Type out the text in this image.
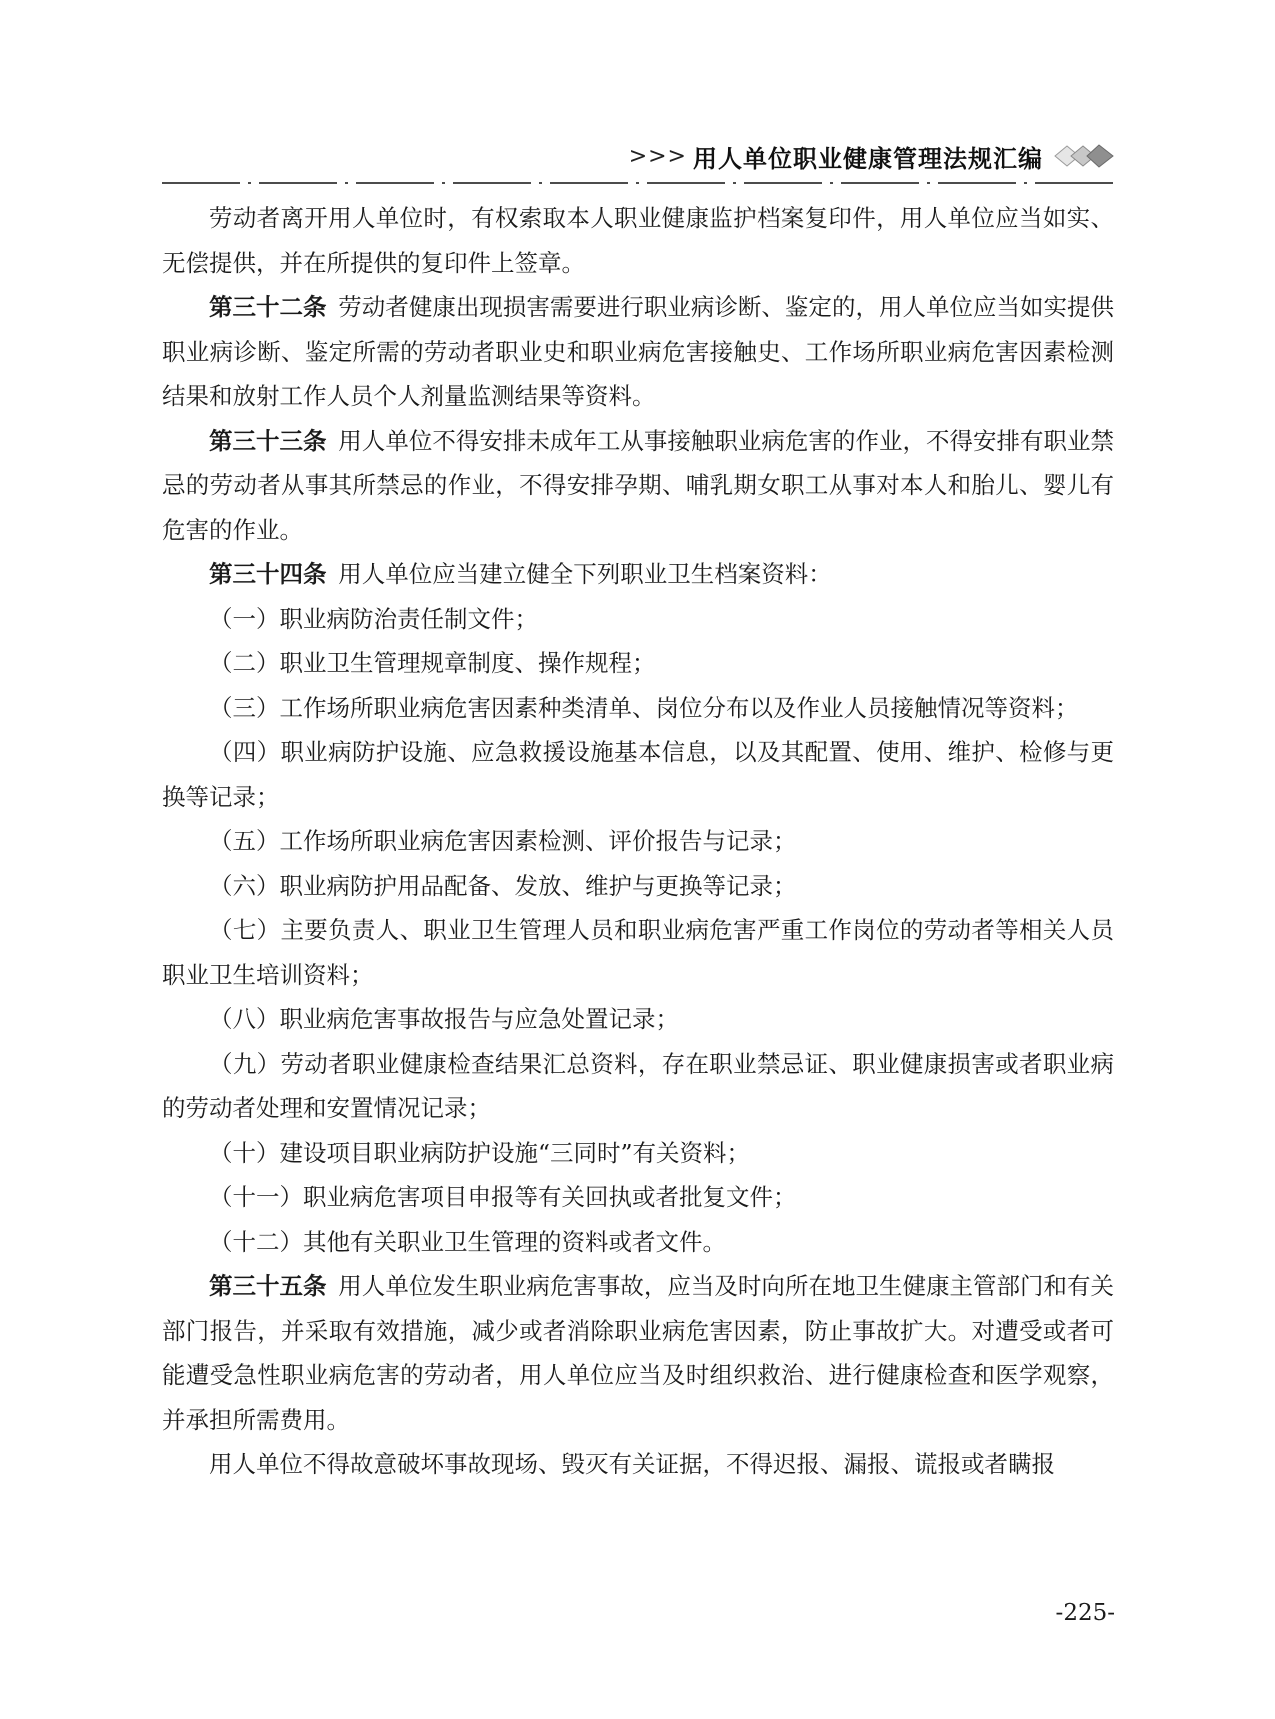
>>> 用人单位职业健康管理法规汇编

劳动者离开用人单位时，有权索取本人职业健康监护档案复印件，用人单位应当如实、无偿提供，并在所提供的复印件上签章。

第三十二条  劳动者健康出现损害需要进行职业病诊断、鉴定的，用人单位应当如实提供职业病诊断、鉴定所需的劳动者职业史和职业病危害接触史、工作场所职业病危害因素检测结果和放射工作人员个人剂量监测结果等资料。

第三十三条  用人单位不得安排未成年工从事接触职业病危害的作业，不得安排有职业禁忌的劳动者从事其所禁忌的作业，不得安排孕期、哺乳期女职工从事对本人和胎儿、婴儿有危害的作业。

第三十四条  用人单位应当建立健全下列职业卫生档案资料：

（一）职业病防治责任制文件；

（二）职业卫生管理规章制度、操作规程；

（三）工作场所职业病危害因素种类清单、岗位分布以及作业人员接触情况等资料；

（四）职业病防护设施、应急救援设施基本信息，以及其配置、使用、维护、检修与更换等记录；

（五）工作场所职业病危害因素检测、评价报告与记录；

（六）职业病防护用品配备、发放、维护与更换等记录；

（七）主要负责人、职业卫生管理人员和职业病危害严重工作岗位的劳动者等相关人员职业卫生培训资料；

（八）职业病危害事故报告与应急处置记录；

（九）劳动者职业健康检查结果汇总资料，存在职业禁忌证、职业健康损害或者职业病的劳动者处理和安置情况记录；

（十）建设项目职业病防护设施“三同时”有关资料；

（十一）职业病危害项目申报等有关回执或者批复文件；

（十二）其他有关职业卫生管理的资料或者文件。

第三十五条  用人单位发生职业病危害事故，应当及时向所在地卫生健康主管部门和有关部门报告，并采取有效措施，减少或者消除职业病危害因素，防止事故扩大。对遭受或者可能遭受急性职业病危害的劳动者，用人单位应当及时组织救治、进行健康检查和医学观察，并承担所需费用。

用人单位不得故意破坏事故现场、毁灭有关证据，不得迟报、漏报、谎报或者瞒报

-225-
